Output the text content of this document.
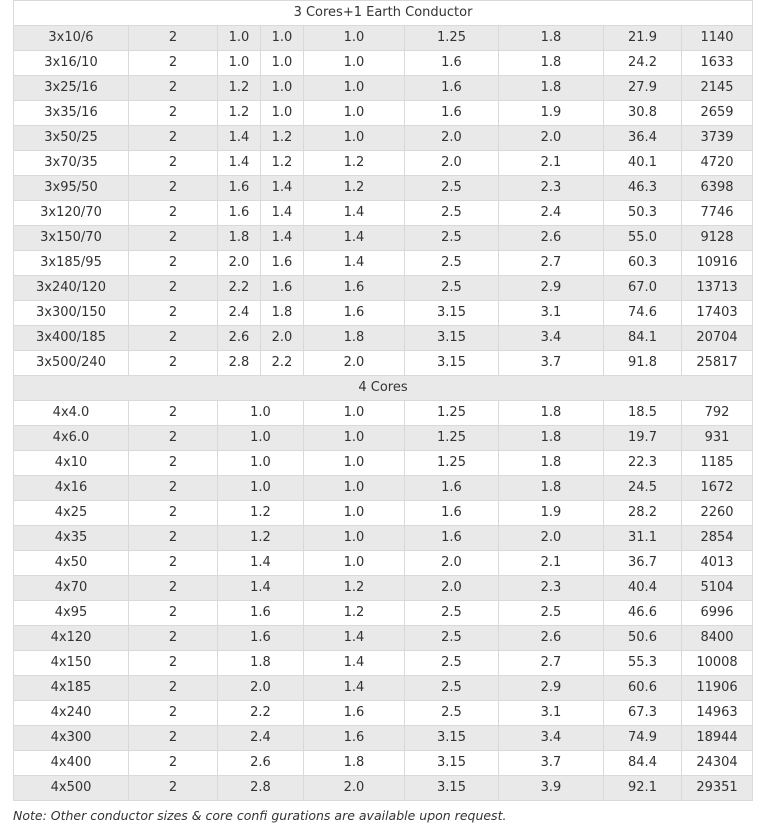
3 Cores+1 Earth Conductor								
3x10/6	2	1.0	1.0	1.0	1.25	1.8	21.9	1140
3x16/10	2	1.0	1.0	1.0	1.6	1.8	24.2	1633
3x25/16	2	1.2	1.0	1.0	1.6	1.8	27.9	2145
3x35/16	2	1.2	1.0	1.0	1.6	1.9	30.8	2659
3x50/25	2	1.4	1.2	1.0	2.0	2.0	36.4	3739
3x70/35	2	1.4	1.2	1.2	2.0	2.1	40.1	4720
3x95/50	2	1.6	1.4	1.2	2.5	2.3	46.3	6398
3x120/70	2	1.6	1.4	1.4	2.5	2.4	50.3	7746
3x150/70	2	1.8	1.4	1.4	2.5	2.6	55.0	9128
3x185/95	2	2.0	1.6	1.4	2.5	2.7	60.3	10916
3x240/120	2	2.2	1.6	1.6	2.5	2.9	67.0	13713
3x300/150	2	2.4	1.8	1.6	3.15	3.1	74.6	17403
3x400/185	2	2.6	2.0	1.8	3.15	3.4	84.1	20704
3x500/240	2	2.8	2.2	2.0	3.15	3.7	91.8	25817
4 Cores								
4x4.0	2	1.0		1.0	1.25	1.8	18.5	792
4x6.0	2	1.0		1.0	1.25	1.8	19.7	931
4x10	2	1.0		1.0	1.25	1.8	22.3	1185
4x16	2	1.0		1.0	1.6	1.8	24.5	1672
4x25	2	1.2		1.0	1.6	1.9	28.2	2260
4x35	2	1.2		1.0	1.6	2.0	31.1	2854
4x50	2	1.4		1.0	2.0	2.1	36.7	4013
4x70	2	1.4		1.2	2.0	2.3	40.4	5104
4x95	2	1.6		1.2	2.5	2.5	46.6	6996
4x120	2	1.6		1.4	2.5	2.6	50.6	8400
4x150	2	1.8		1.4	2.5	2.7	55.3	10008
4x185	2	2.0		1.4	2.5	2.9	60.6	11906
4x240	2	2.2		1.6	2.5	3.1	67.3	14963
4x300	2	2.4		1.6	3.15	3.4	74.9	18944
4x400	2	2.6		1.8	3.15	3.7	84.4	24304
4x500	2	2.8		2.0	3.15	3.9	92.1	29351
Note: Other conductor sizes & core confi gurations are available upon request.
